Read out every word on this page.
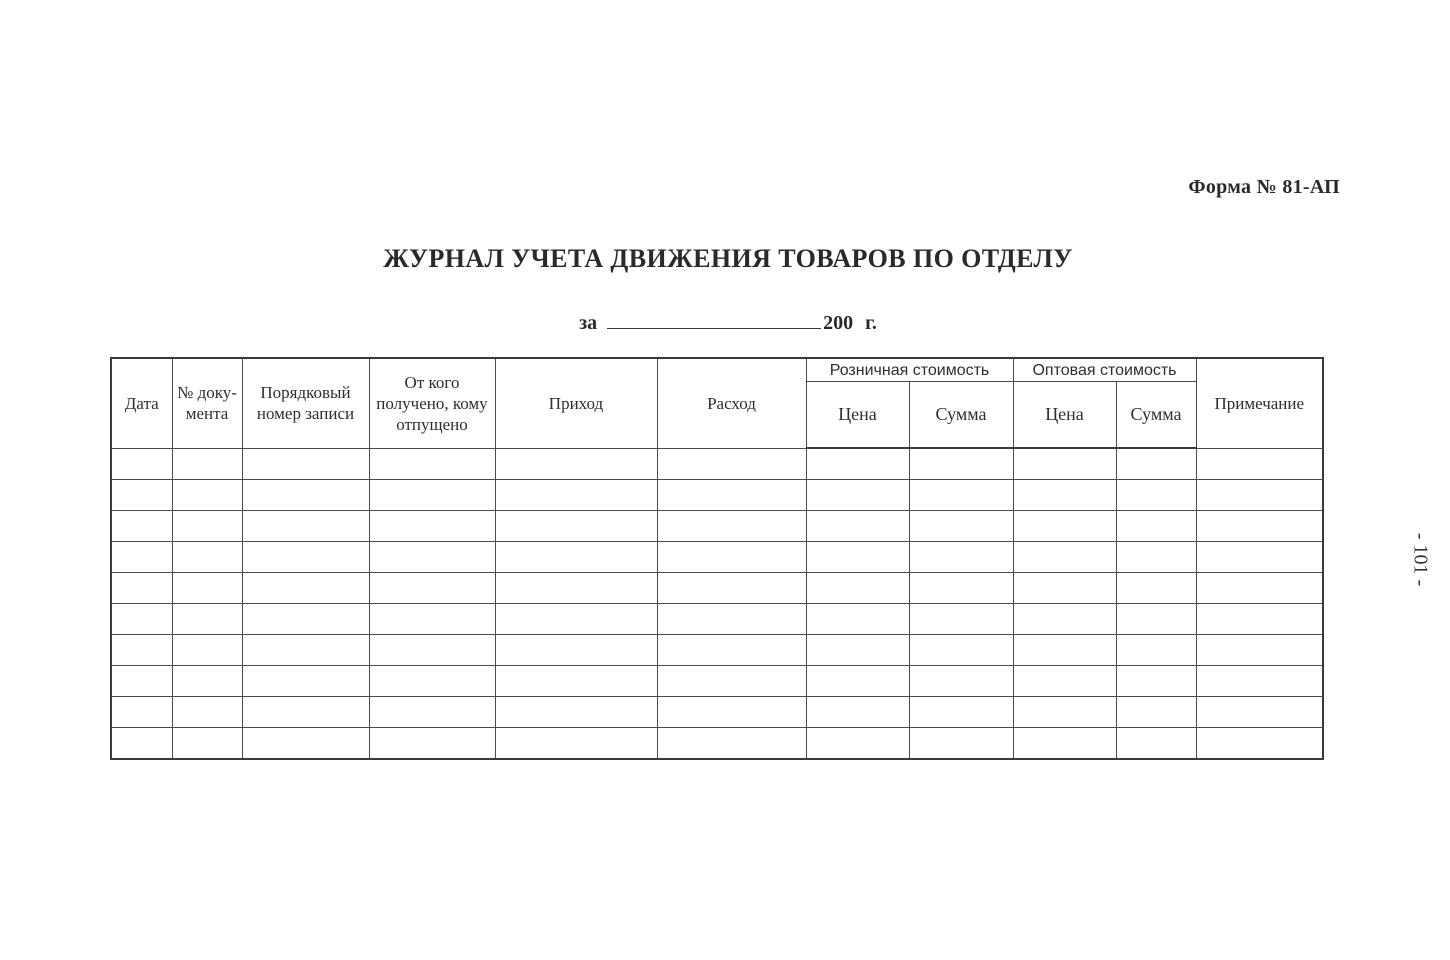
Форма № 81-АП
ЖУРНАЛ УЧЕТА ДВИЖЕНИЯ ТОВАРОВ ПО ОТДЕЛУ
за	200 г.
Дата	№ доку-мента	Порядковый номер записи	От кого получено, кому отпущено	Приход	Расход	Розничная стоимость		Оптовая стоимость		Примечание
						Цена	Сумма	Цена	Сумма	

- 101 -
